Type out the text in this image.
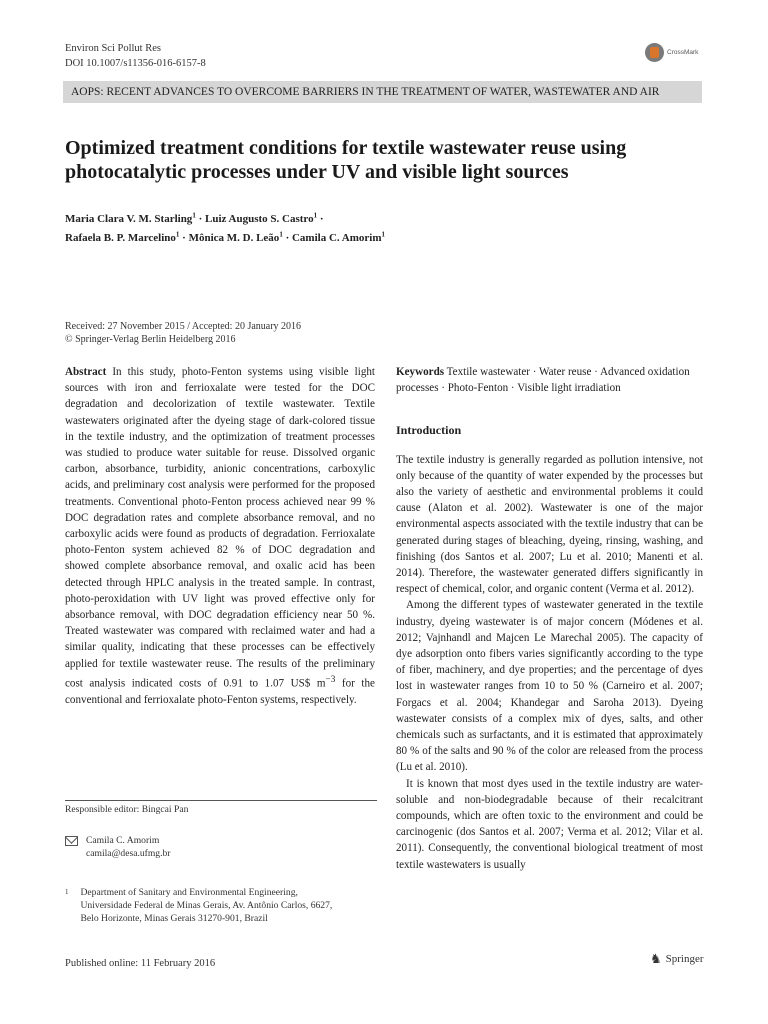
Environ Sci Pollut Res
DOI 10.1007/s11356-016-6157-8
CrossMark
AOPS: RECENT ADVANCES TO OVERCOME BARRIERS IN THE TREATMENT OF WATER, WASTEWATER AND AIR
Optimized treatment conditions for textile wastewater reuse using photocatalytic processes under UV and visible light sources
Maria Clara V. M. Starling$^1$ · Luiz Augusto S. Castro$^1$ ·
Rafaela B. P. Marcelino$^1$ · Mônica M. D. Leão$^1$ · Camila C. Amorim$^1$
Received: 27 November 2015 / Accepted: 20 January 2016
© Springer-Verlag Berlin Heidelberg 2016
Abstract In this study, photo-Fenton systems using visible light sources with iron and ferrioxalate were tested for the DOC degradation and decolorization of textile wastewater. Textile wastewaters originated after the dyeing stage of dark-colored tissue in the textile industry, and the optimization of treatment processes was studied to produce water suitable for reuse. Dissolved organic carbon, absorbance, turbidity, anionic concentrations, carboxylic acids, and preliminary cost analysis were performed for the proposed treatments. Conventional photo-Fenton process achieved near 99 % DOC degradation rates and complete absorbance removal, and no carboxylic acids were found as products of degradation. Ferrioxalate photo-Fenton system achieved 82 % of DOC degradation and showed complete absorbance removal, and oxalic acid has been detected through HPLC analysis in the treated sample. In contrast, photo-peroxidation with UV light was proved effective only for absorbance removal, with DOC degradation efficiency near 50 %. Treated wastewater was compared with reclaimed water and had a similar quality, indicating that these processes can be effectively applied for textile wastewater reuse. The results of the preliminary cost analysis indicated costs of 0.91 to 1.07 US$ $m^{-3}$ for the conventional and ferrioxalate photo-Fenton systems, respectively.
Keywords Textile wastewater · Water reuse · Advanced oxidation processes · Photo-Fenton · Visible light irradiation
Introduction

The textile industry is generally regarded as pollution intensive, not only because of the quantity of water expended by the processes but also the variety of aesthetic and environmental problems it could cause (Alaton et al. 2002). Wastewater is one of the major environmental aspects associated with the textile industry that can be generated during stages of bleaching, dyeing, rinsing, washing, and finishing (dos Santos et al. 2007; Lu et al. 2010; Manenti et al. 2014). Therefore, the wastewater generated differs significantly in respect of chemical, color, and organic content (Verma et al. 2012).

Among the different types of wastewater generated in the textile industry, dyeing wastewater is of major concern (Módenes et al. 2012; Vajnhandl and Majcen Le Marechal 2005). The capacity of dye adsorption onto fibers varies significantly according to the type of fiber, machinery, and dye properties; and the percentage of dyes lost in wastewater ranges from 10 to 50 % (Carneiro et al. 2007; Forgacs et al. 2004; Khandegar and Saroha 2013). Dyeing wastewater consists of a complex mix of dyes, salts, and other chemicals such as surfactants, and it is estimated that approximately 80 % of the salts and 90 % of the color are released from the process (Lu et al. 2010).

It is known that most dyes used in the textile industry are water-soluble and non-biodegradable because of their recalcitrant compounds, which are often toxic to the environment and could be carcinogenic (dos Santos et al. 2007; Verma et al. 2012; Vilar et al. 2011). Consequently, the conventional biological treatment of most textile wastewaters is usually

Responsible editor: Bingcai Pan
Camila C. Amorim
camila@desa.ufmg.br
1 Department of Sanitary and Environmental Engineering,
Universidade Federal de Minas Gerais, Av. Antônio Carlos, 6627,
Belo Horizonte, Minas Gerais 31270-901, Brazil
Published online: 11 February 2016	♞ Springer
